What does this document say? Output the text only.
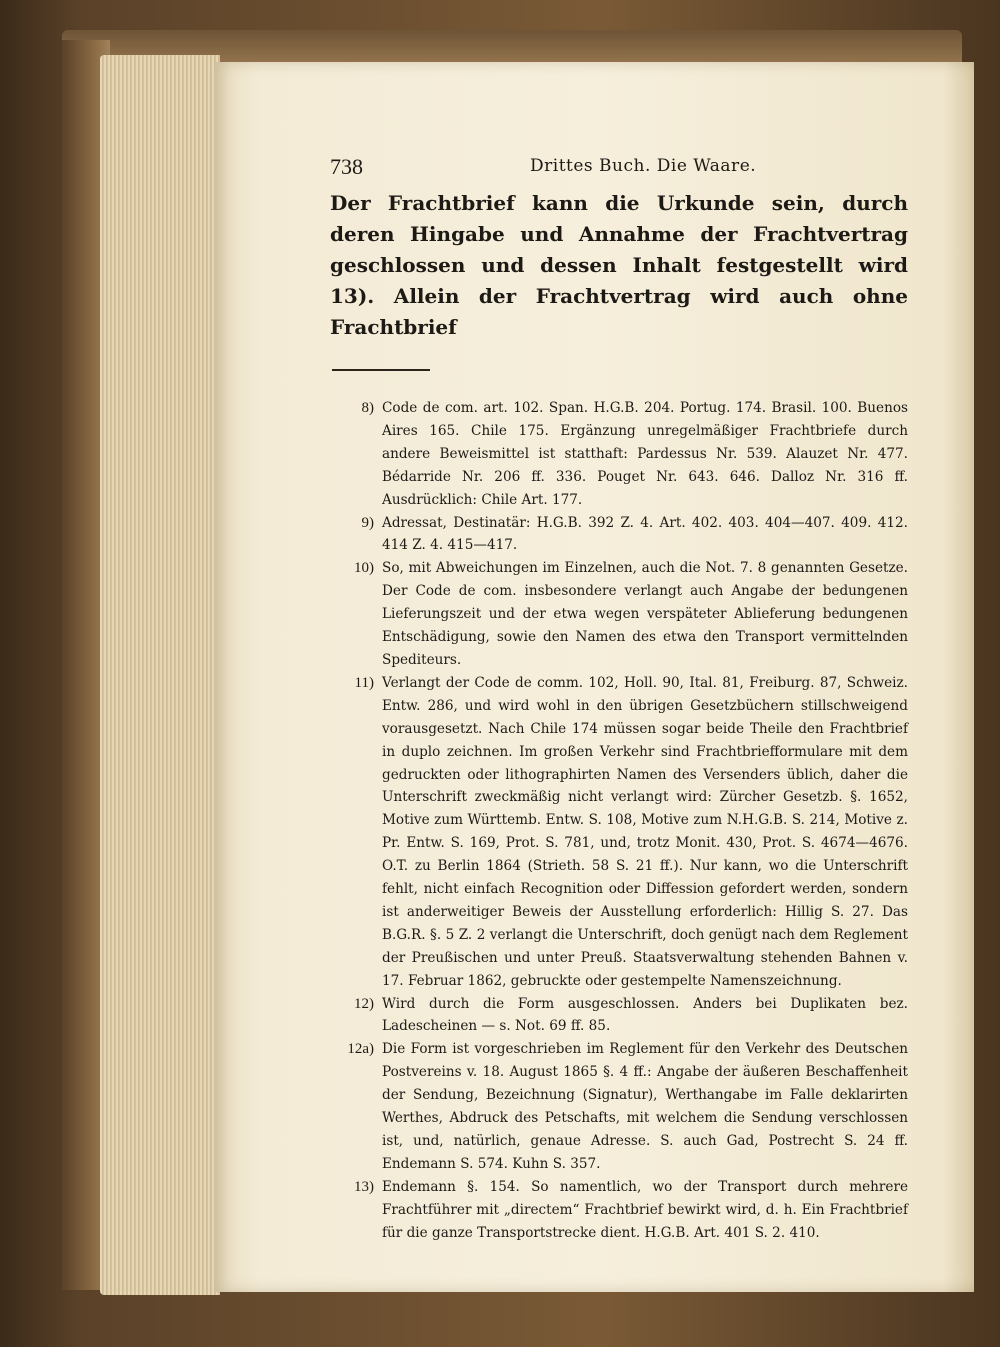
738	Drittes Buch. Die Waare.
Der Frachtbrief kann die Urkunde sein, durch deren Hingabe und Annahme der Frachtvertrag geschlossen und dessen Inhalt festgestellt wird 13). Allein der Frachtvertrag wird auch ohne Frachtbrief
8) Code de com. art. 102. Span. H.G.B. 204. Portug. 174. Brasil. 100. Buenos Aires 165. Chile 175. Ergänzung unregelmäßiger Frachtbriefe durch andere Beweismittel ist statthaft: Pardessus Nr. 539. Alauzet Nr. 477. Bédarride Nr. 206 ff. 336. Pouget Nr. 643. 646. Dalloz Nr. 316 ff. Ausdrücklich: Chile Art. 177.
9) Adressat, Destinatär: H.G.B. 392 Z. 4. Art. 402. 403. 404—407. 409. 412. 414 Z. 4. 415—417.
10) So, mit Abweichungen im Einzelnen, auch die Not. 7. 8 genannten Gesetze. Der Code de com. insbesondere verlangt auch Angabe der bedungenen Lieferungszeit und der etwa wegen verspäteter Ablieferung bedungenen Entschädigung, sowie den Namen des etwa den Transport vermittelnden Spediteurs.
11) Verlangt der Code de comm. 102, Holl. 90, Ital. 81, Freiburg. 87, Schweiz. Entw. 286, und wird wohl in den übrigen Gesetzbüchern stillschweigend vorausgesetzt. Nach Chile 174 müssen sogar beide Theile den Frachtbrief in duplo zeichnen. Im großen Verkehr sind Frachtbriefformulare mit dem gedruckten oder lithographirten Namen des Versenders üblich, daher die Unterschrift zweckmäßig nicht verlangt wird: Zürcher Gesetzb. §. 1652, Motive zum Württemb. Entw. S. 108, Motive zum N.H.G.B. S. 214, Motive z. Pr. Entw. S. 169, Prot. S. 781, und, trotz Monit. 430, Prot. S. 4674—4676. O.T. zu Berlin 1864 (Strieth. 58 S. 21 ff.). Nur kann, wo die Unterschrift fehlt, nicht einfach Recognition oder Diffession gefordert werden, sondern ist anderweitiger Beweis der Ausstellung erforderlich: Hillig S. 27. Das B.G.R. §. 5 Z. 2 verlangt die Unterschrift, doch genügt nach dem Reglement der Preußischen und unter Preuß. Staatsverwaltung stehenden Bahnen v. 17. Februar 1862, gebruckte oder gestempelte Namenszeichnung.
12) Wird durch die Form ausgeschlossen. Anders bei Duplikaten bez. Ladescheinen — s. Not. 69 ff. 85.
12a) Die Form ist vorgeschrieben im Reglement für den Verkehr des Deutschen Postvereins v. 18. August 1865 §. 4 ff.: Angabe der äußeren Beschaffenheit der Sendung, Bezeichnung (Signatur), Werthangabe im Falle deklarirten Werthes, Abdruck des Petschafts, mit welchem die Sendung verschlossen ist, und, natürlich, genaue Adresse. S. auch Gad, Postrecht S. 24 ff. Endemann S. 574. Kuhn S. 357.
13) Endemann §. 154. So namentlich, wo der Transport durch mehrere Frachtführer mit „directem“ Frachtbrief bewirkt wird, d. h. Ein Frachtbrief für die ganze Transportstrecke dient. H.G.B. Art. 401 S. 2. 410.
